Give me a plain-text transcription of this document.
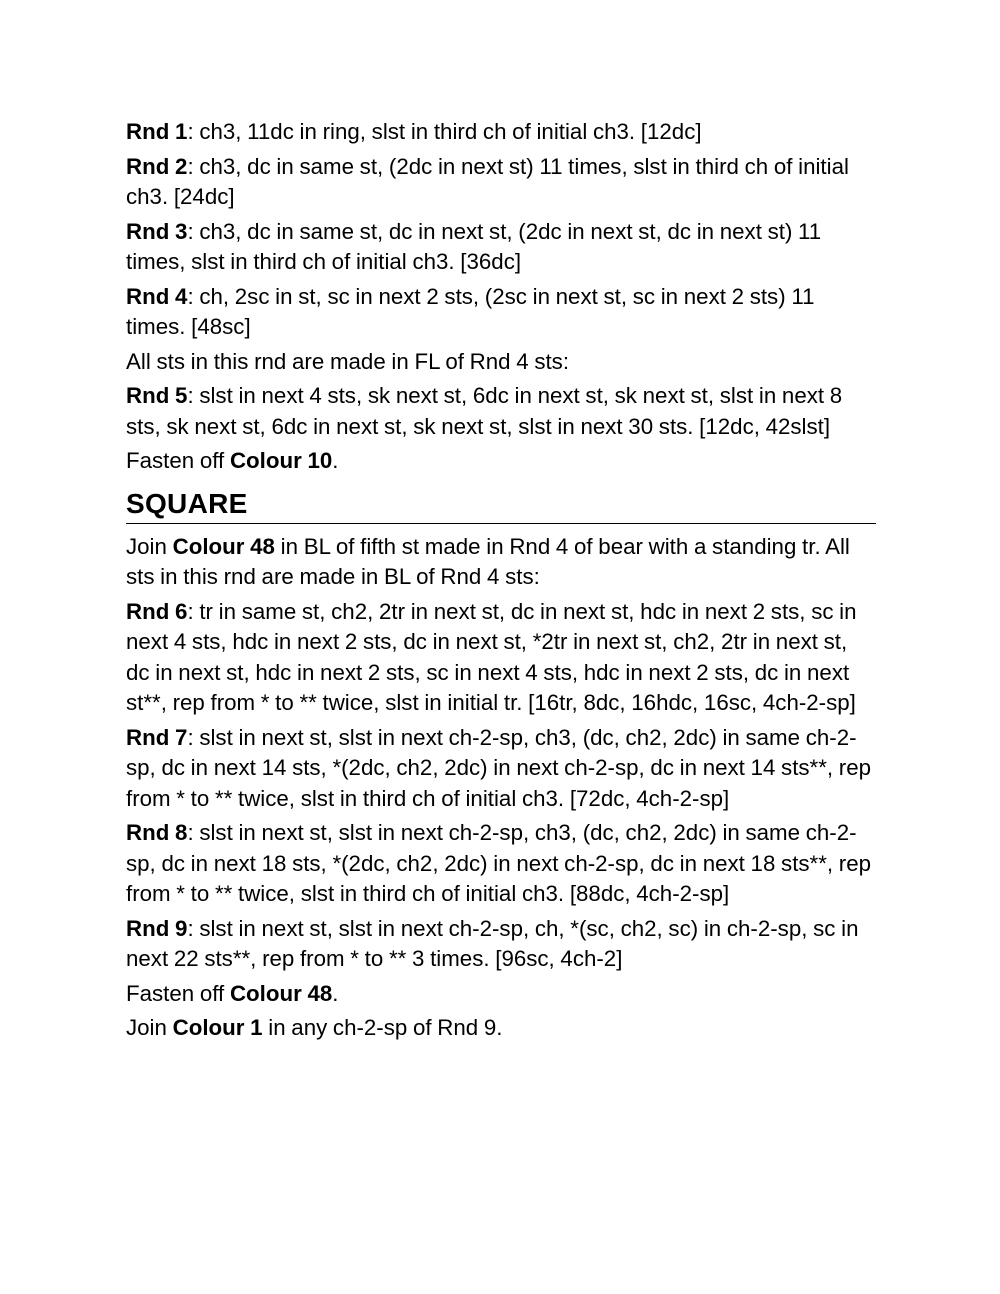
Rnd 1: ch3, 11dc in ring, slst in third ch of initial ch3. [12dc]

Rnd 2: ch3, dc in same st, (2dc in next st) 11 times, slst in third ch of initial ch3. [24dc]

Rnd 3: ch3, dc in same st, dc in next st, (2dc in next st, dc in next st) 11 times, slst in third ch of initial ch3. [36dc]

Rnd 4: ch, 2sc in st, sc in next 2 sts, (2sc in next st, sc in next 2 sts) 11 times. [48sc]

All sts in this rnd are made in FL of Rnd 4 sts:

Rnd 5: slst in next 4 sts, sk next st, 6dc in next st, sk next st, slst in next 8 sts, sk next st, 6dc in next st, sk next st, slst in next 30 sts. [12dc, 42slst]

Fasten off Colour 10.

SQUARE

Join Colour 48 in BL of fifth st made in Rnd 4 of bear with a standing tr. All sts in this rnd are made in BL of Rnd 4 sts:

Rnd 6: tr in same st, ch2, 2tr in next st, dc in next st, hdc in next 2 sts, sc in next 4 sts, hdc in next 2 sts, dc in next st, *2tr in next st, ch2, 2tr in next st, dc in next st, hdc in next 2 sts, sc in next 4 sts, hdc in next 2 sts, dc in next st**, rep from * to ** twice, slst in initial tr. [16tr, 8dc, 16hdc, 16sc, 4ch-2-sp]

Rnd 7: slst in next st, slst in next ch-2-sp, ch3, (dc, ch2, 2dc) in same ch-2-sp, dc in next 14 sts, *(2dc, ch2, 2dc) in next ch-2-sp, dc in next 14 sts**, rep from * to ** twice, slst in third ch of initial ch3. [72dc, 4ch-2-sp]

Rnd 8: slst in next st, slst in next ch-2-sp, ch3, (dc, ch2, 2dc) in same ch-2-sp, dc in next 18 sts, *(2dc, ch2, 2dc) in next ch-2-sp, dc in next 18 sts**, rep from * to ** twice, slst in third ch of initial ch3. [88dc, 4ch-2-sp]

Rnd 9: slst in next st, slst in next ch-2-sp, ch, *(sc, ch2, sc) in ch-2-sp, sc in next 22 sts**, rep from * to ** 3 times. [96sc, 4ch-2]

Fasten off Colour 48.

Join Colour 1 in any ch-2-sp of Rnd 9.
